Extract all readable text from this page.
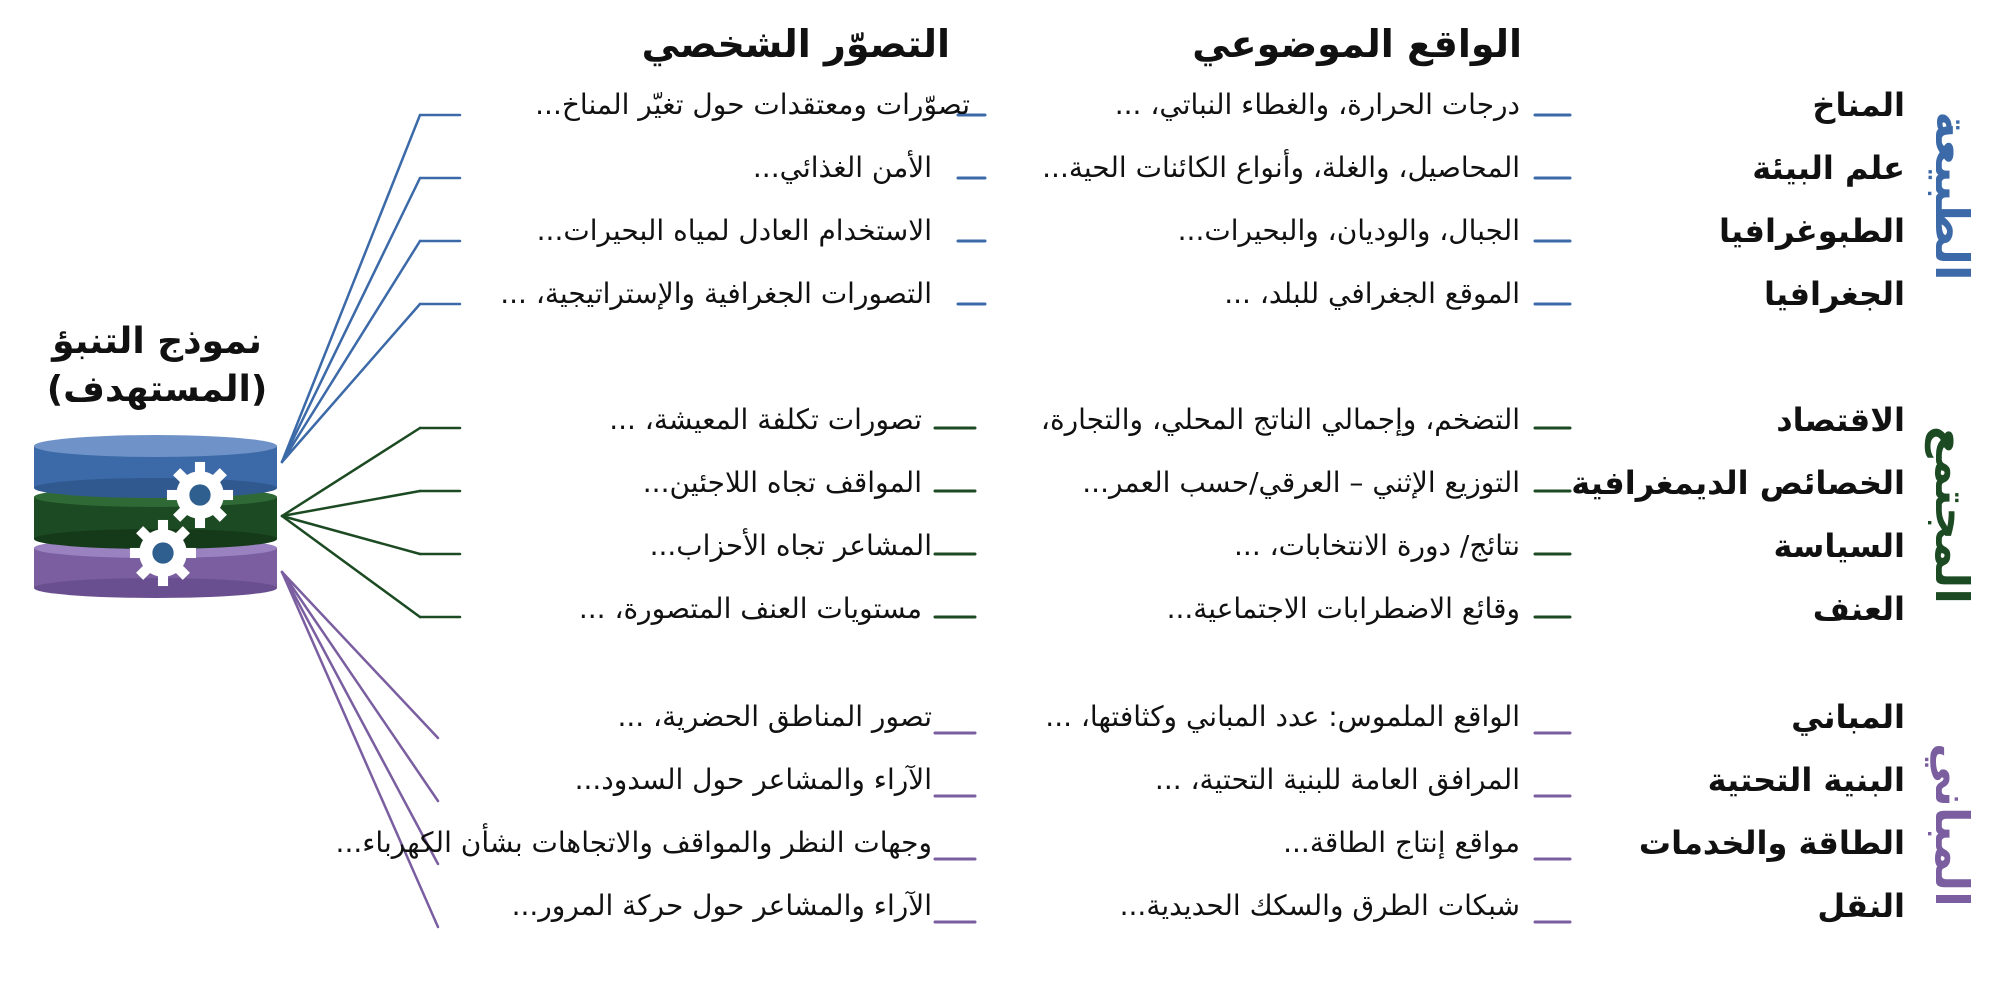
الواقع الموضوعي
التصوّر الشخصي
نموذج التنبؤ
(المستهدف)
المناخ
درجات الحرارة، والغطاء النباتي، ...
تصوّرات ومعتقدات حول تغيّر المناخ...
علم البيئة
المحاصيل، والغلة، وأنواع الكائنات الحية...
الأمن الغذائي...
الطبوغرافيا
الجبال، والوديان، والبحيرات...
الاستخدام العادل لمياه البحيرات...
الجغرافيا
الموقع الجغرافي للبلد، ...
التصورات الجغرافية والإستراتيجية، ...
الطبيعة
الاقتصاد
التضخم، وإجمالي الناتج المحلي، والتجارة،
تصورات تكلفة المعيشة، ...
الخصائص الديمغرافية
التوزيع الإثني – العرقي/حسب العمر...
المواقف تجاه اللاجئين...
السياسة
نتائج/ دورة الانتخابات، ...
المشاعر تجاه الأحزاب...
العنف
وقائع الاضطرابات الاجتماعية...
مستويات العنف المتصورة، ...
المجتمع
المباني
الواقع الملموس: عدد المباني وكثافتها، ...
تصور المناطق الحضرية، ...
البنية التحتية
المرافق العامة للبنية التحتية، ...
الآراء والمشاعر حول السدود...
الطاقة والخدمات
مواقع إنتاج الطاقة...
وجهات النظر والمواقف والاتجاهات بشأن الكهرباء...
النقل
شبكات الطرق والسكك الحديدية...
الآراء والمشاعر حول حركة المرور...	المباني
